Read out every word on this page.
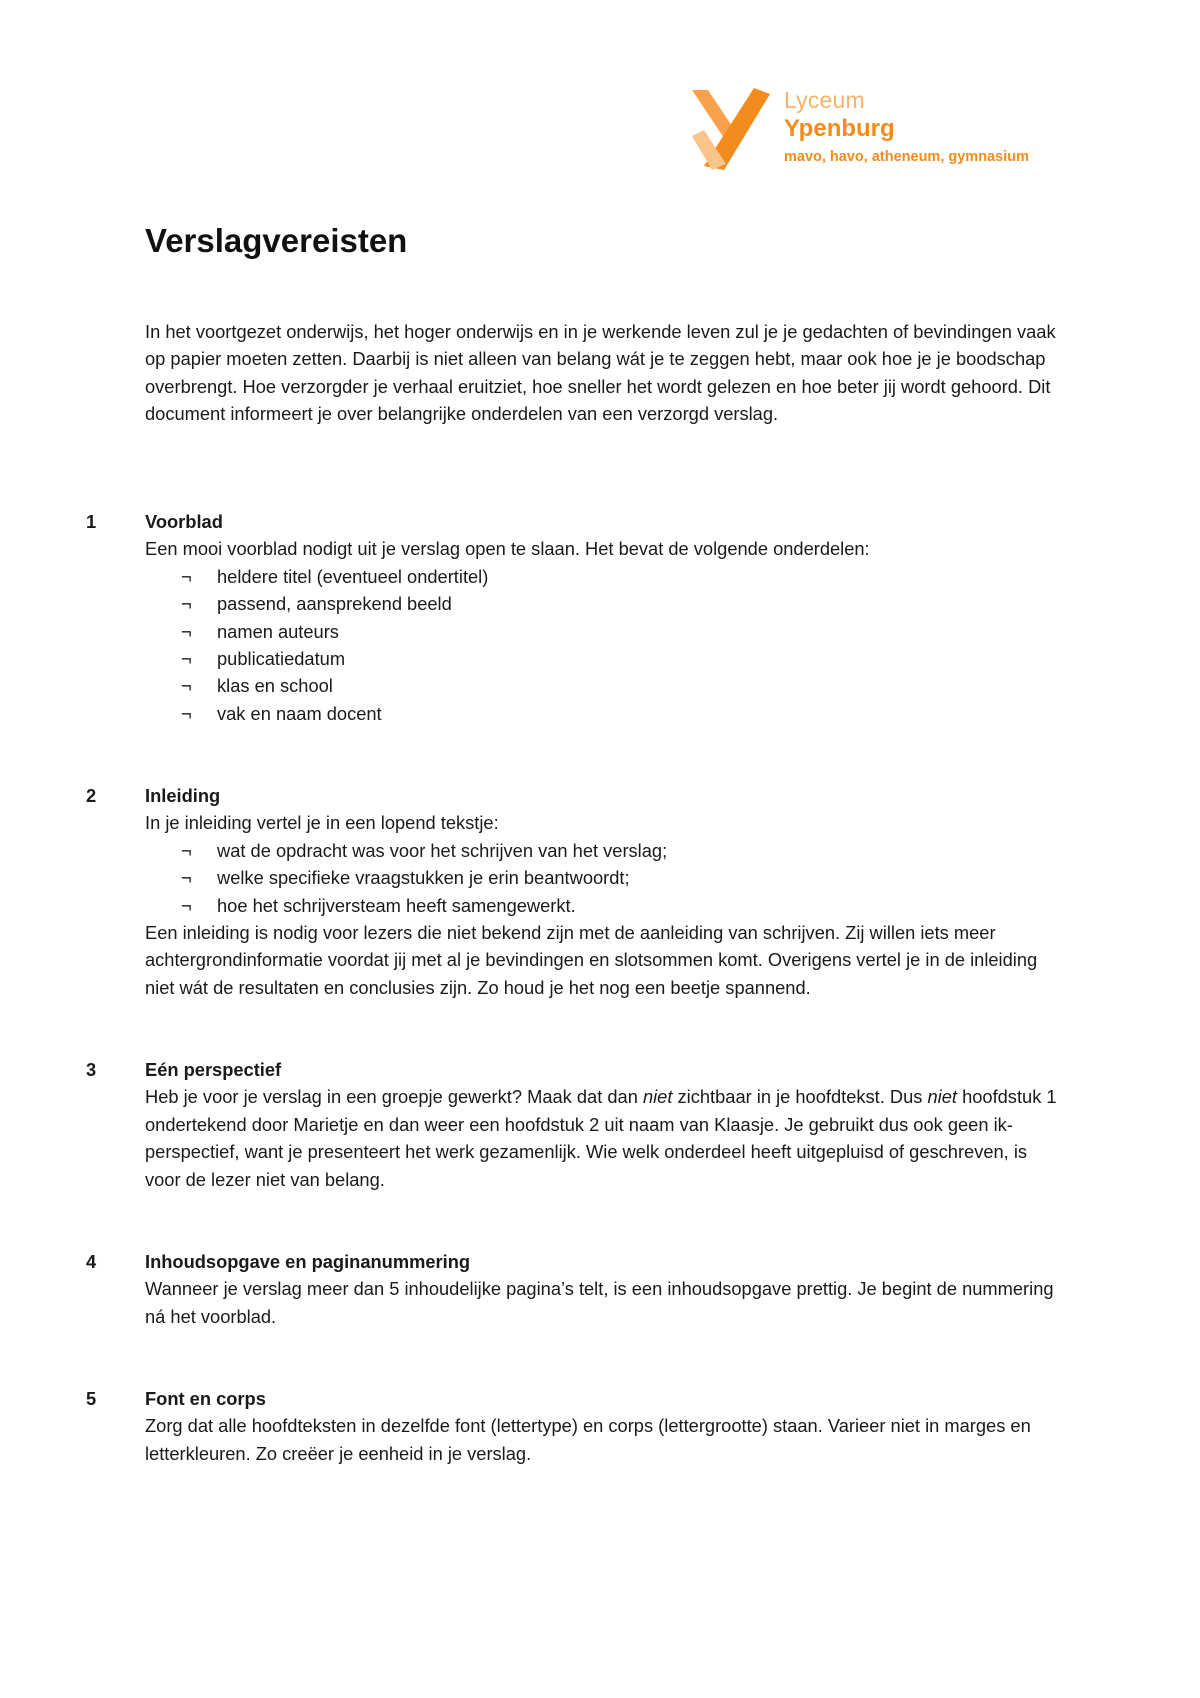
Lyceum
Ypenburg
mavo, havo, atheneum, gymnasium
Verslagvereisten

In het voortgezet onderwijs, het hoger onderwijs en in je werkende leven zul je je gedachten of bevindingen vaak op papier moeten zetten. Daarbij is niet alleen van belang wát je te zeggen hebt, maar ook hoe je je boodschap overbrengt. Hoe verzorgder je verhaal eruitziet, hoe sneller het wordt gelezen en hoe beter jij wordt gehoord. Dit document informeert je over belangrijke onderdelen van een verzorgd verslag.

1	Voorblad

Een mooi voorblad nodigt uit je verslag open te slaan. Het bevat de volgende onderdelen:

¬ heldere titel (eventueel ondertitel)
¬ passend, aansprekend beeld
¬ namen auteurs
¬ publicatiedatum
¬ klas en school
¬ vak en naam docent
2	Inleiding

In je inleiding vertel je in een lopend tekstje:

¬ wat de opdracht was voor het schrijven van het verslag;
¬ welke specifieke vraagstukken je erin beantwoordt;
¬ hoe het schrijversteam heeft samengewerkt.

Een inleiding is nodig voor lezers die niet bekend zijn met de aanleiding van schrijven. Zij willen iets meer achtergrondinformatie voordat jij met al je bevindingen en slotsommen komt. Overigens vertel je in de inleiding niet wát de resultaten en conclusies zijn. Zo houd je het nog een beetje spannend.

3	Eén perspectief

Heb je voor je verslag in een groepje gewerkt? Maak dat dan niet zichtbaar in je hoofdtekst. Dus niet hoofdstuk 1 ondertekend door Marietje en dan weer een hoofdstuk 2 uit naam van Klaasje. Je gebruikt dus ook geen ik-perspectief, want je presenteert het werk gezamenlijk. Wie welk onderdeel heeft uitgepluisd of geschreven, is voor de lezer niet van belang.

4	Inhoudsopgave en paginanummering

Wanneer je verslag meer dan 5 inhoudelijke pagina’s telt, is een inhoudsopgave prettig. Je begint de nummering ná het voorblad.

5	Font en corps

Zorg dat alle hoofdteksten in dezelfde font (lettertype) en corps (lettergrootte) staan. Varieer niet in marges en letterkleuren. Zo creëer je eenheid in je verslag.
